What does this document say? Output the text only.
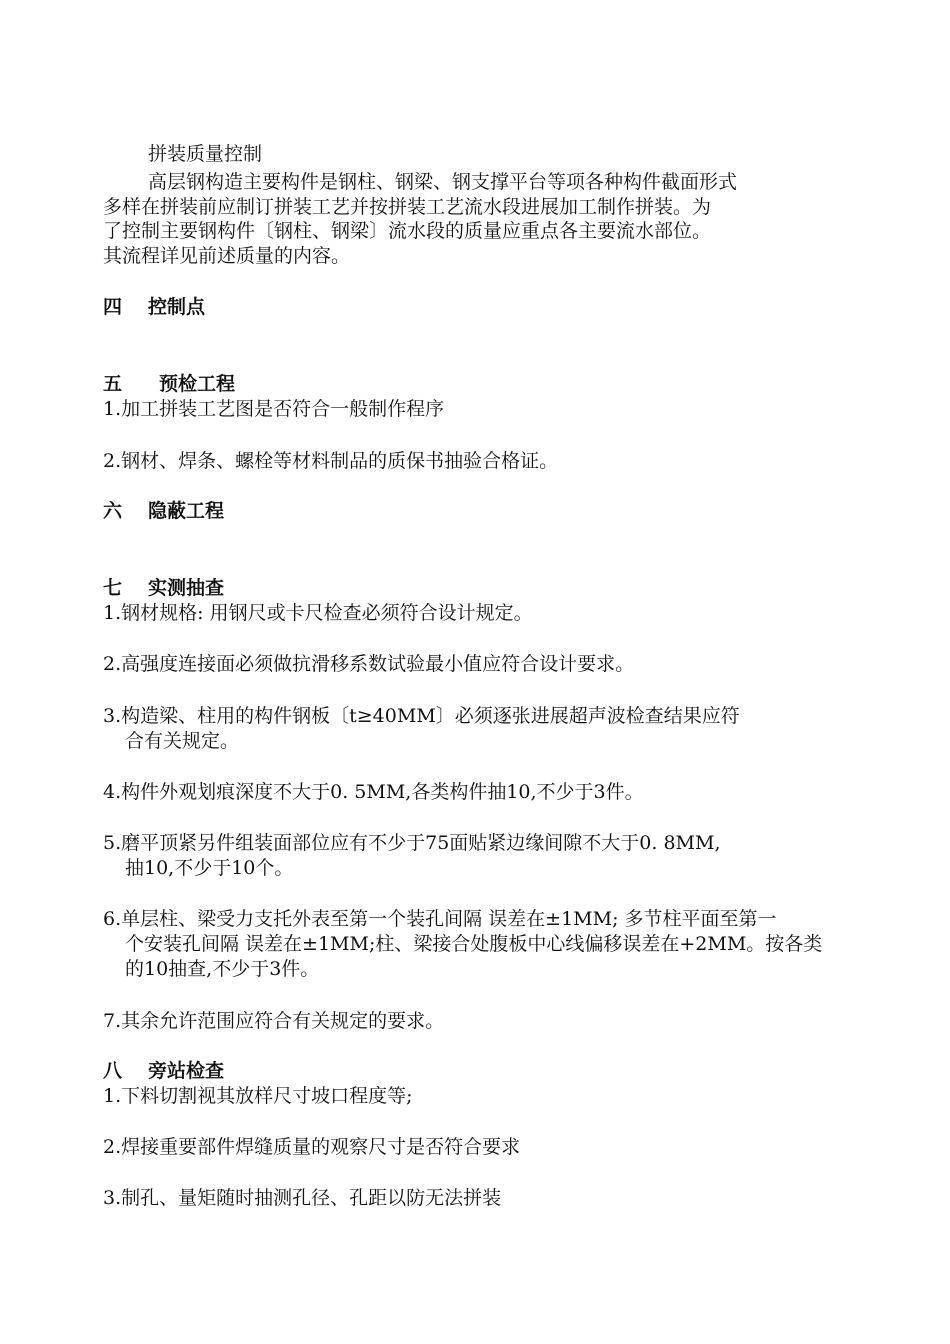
拼装质量控制
高层钢构造主要构件是钢柱、钢梁、钢支撑平台等项各种构件截面形式
多样在拼装前应制订拼装工艺并按拼装工艺流水段进展加工制作拼装。为
了控制主要钢构件〔钢柱、钢梁〕流水段的质量应重点各主要流水部位。
其流程详见前述质量的内容。
四 控制点
五 预检工程
1.加工拼装工艺图是否符合一般制作程序
2.钢材、焊条、螺栓等材料制品的质保书抽验合格证。
六 隐蔽工程
七 实测抽查
1.钢材规格: 用钢尺或卡尺检查必须符合设计规定。
2.高强度连接面必须做抗滑移系数试验最小值应符合设计要求。
3.构造梁、柱用的构件钢板〔t≥40MM〕必须逐张进展超声波检查结果应符
合有关规定。
4.构件外观划痕深度不大于0. 5MM,各类构件抽10,不少于3件。
5.磨平顶紧另件组装面部位应有不少于75面贴紧边缘间隙不大于0. 8MM,
抽10,不少于10个。
6.单层柱、梁受力支托外表至第一个装孔间隔 误差在±1MM; 多节柱平面至第一
个安装孔间隔 误差在±1MM;柱、梁接合处腹板中心线偏移误差在+2MM。按各类
的10抽查,不少于3件。
7.其余允许范围应符合有关规定的要求。
八 旁站检查
1.下料切割视其放样尺寸坡口程度等;
2.焊接重要部件焊缝质量的观察尺寸是否符合要求
3.制孔、量矩随时抽测孔径、孔距以防无法拼装
